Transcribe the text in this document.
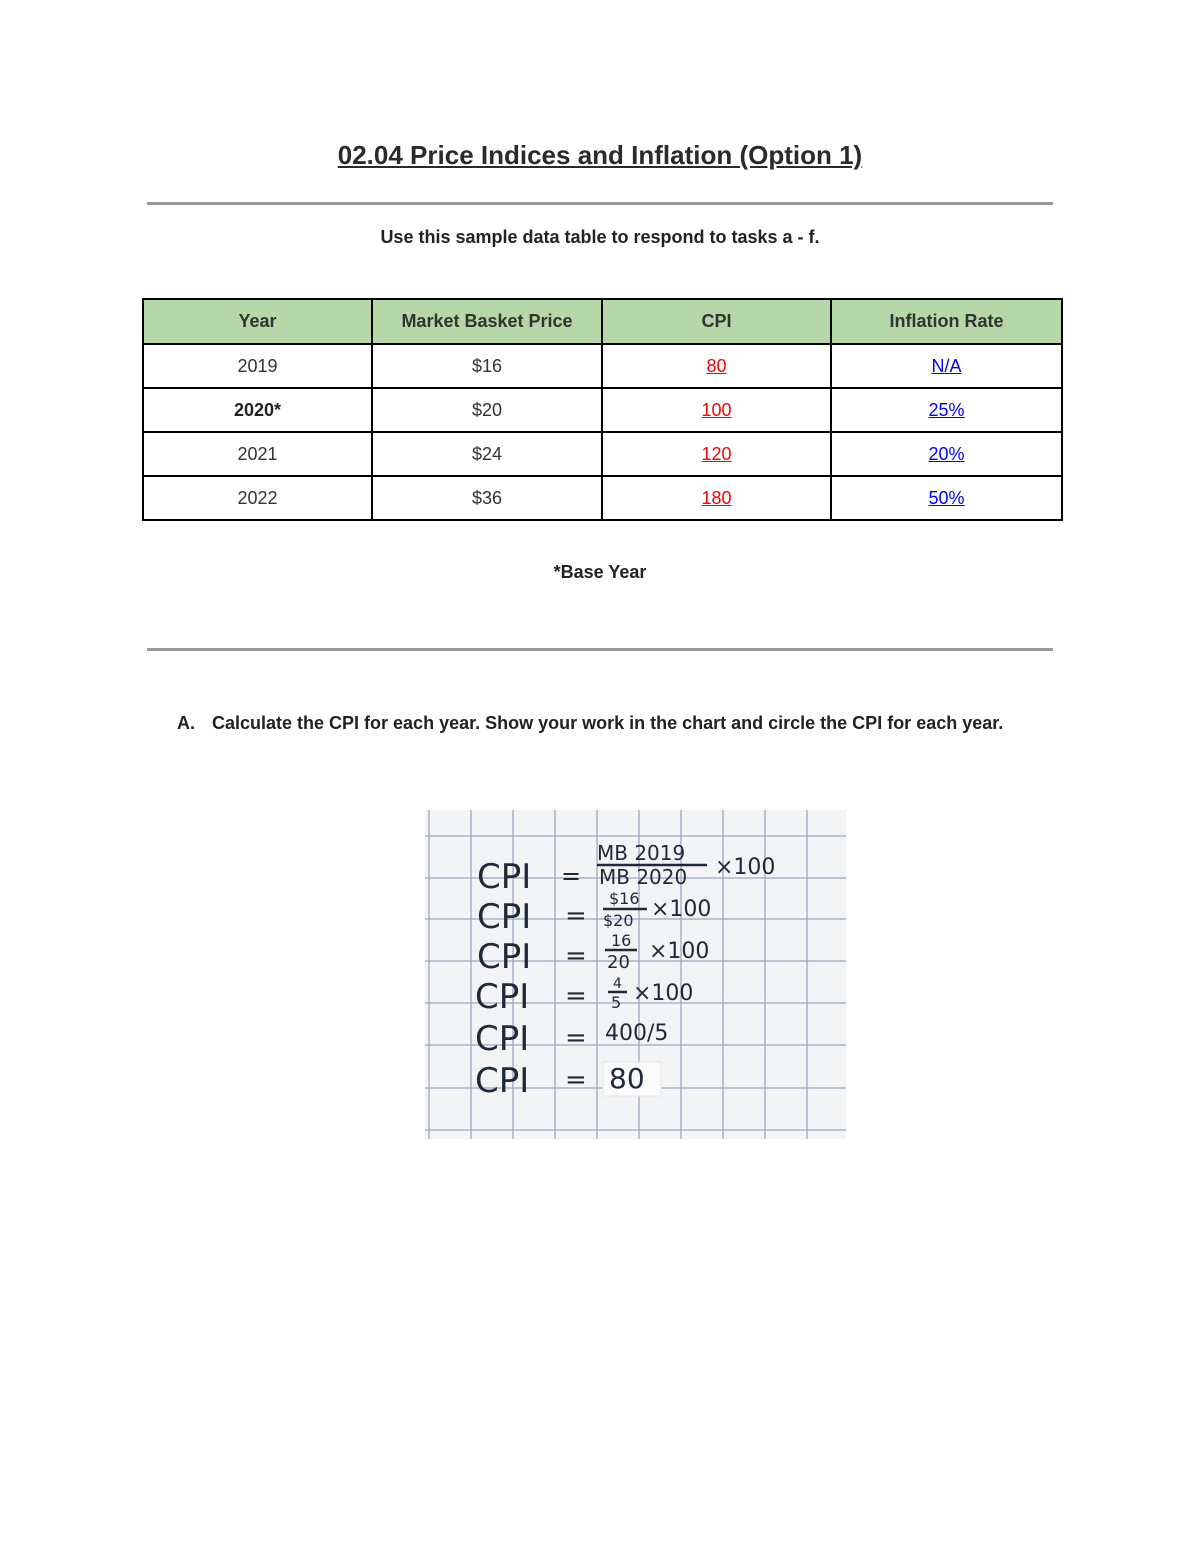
02.04 Price Indices and Inflation (Option 1)
Use this sample data table to respond to tasks a - f.
Year	Market Basket Price	CPI	Inflation Rate
2019	$16	80	N/A
2020*	$20	100	25%
2021	$24	120	20%
2022	$36	180	50%
*Base Year
A. Calculate the CPI for each year. Show your work in the chart and circle the CPI for each year.
CPI =
MB 2019
MB 2020 ×100
CPI =
$16
$20 ×100
CPI =
16
20 ×100
CPI = 4
5 ×100
CPI = 400/5
CPI = 80
